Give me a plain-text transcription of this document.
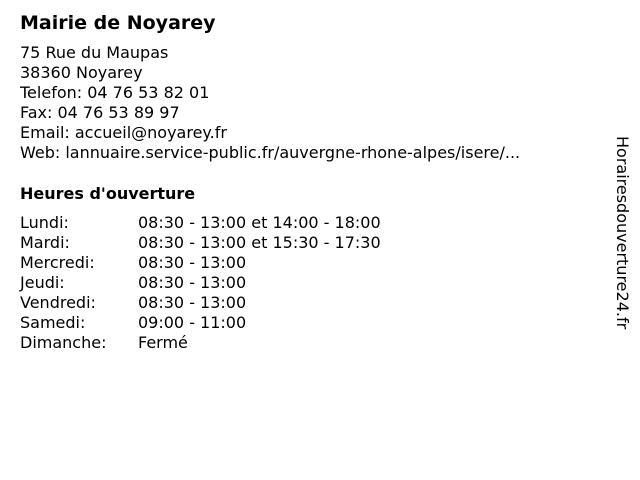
Mairie de Noyarey
75 Rue du Maupas
38360 Noyarey
Telefon: 04 76 53 82 01
Fax: 04 76 53 89 97
Email: accueil@noyarey.fr
Web: lannuaire.service-public.fr/auvergne-rhone-alpes/isere/...
Heures d'ouverture
Lundi:	08:30 - 13:00 et 14:00 - 18:00
Mardi:	08:30 - 13:00 et 15:30 - 17:30
Mercredi:	08:30 - 13:00
Jeudi:	08:30 - 13:00
Vendredi:	08:30 - 13:00
Samedi:	09:00 - 11:00
Dimanche:	Fermé
Horairesdouverture24.fr
